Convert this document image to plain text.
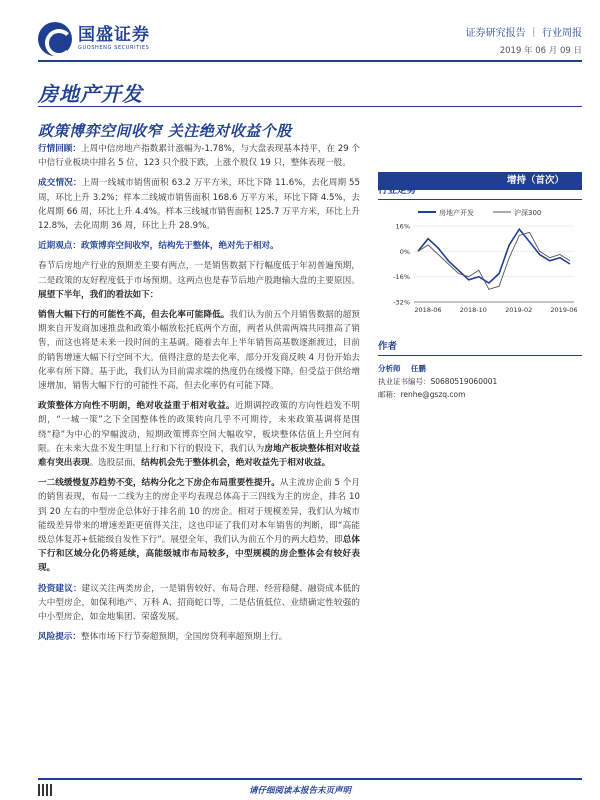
国盛证券
GUOSHENG SECURITIES
证券研究报告 ｜ 行业周报
2019 年 06 月 09 日
房地产开发
政策博弈空间收窄 关注绝对收益个股

行情回顾：上周中信房地产指数累计涨幅为-1.78%，与大盘表现基本持平，在 29 个中信行业板块中排名 5 位，123 只个股下跌，上涨个股仅 19 只，整体表现一般。

成交情况：上周一线城市销售面积 63.2 万平方米，环比下降 11.6%，去化周期 55 周，环比上升 3.2%；样本二线城市销售面积 168.6 万平方米，环比下降 4.5%，去化周期 66 周，环比上升 4.4%。样本三线城市销售面积 125.7 万平方米，环比上升 12.8%，去化周期 36 周，环比上升 28.9%。

近期观点：政策博弈空间收窄，结构先于整体，绝对先于相对。

春节后房地产行业的预期差主要有两点，一是销售数据下行幅度低于年初普遍预期，二是政策的友好程度低于市场预期。这两点也是春节后地产股跑输大盘的主要原因。展望下半年，我们的看法如下：

销售大幅下行的可能性不高，但去化率可能降低。我们认为前五个月销售数据的超预期来自开发商加速推盘和政策小幅放松托底两个方面，两者从供需两端共同推高了销售，而这也将是未来一段时间的主基调。随着去年上半年销售高基数逐渐渡过，目前的销售增速大幅下行空间不大。值得注意的是去化率，部分开发商反映 4 月份开始去化率有所下降。基于此，我们认为目前需求端的热度仍在缓慢下降，但受益于供给增速增加，销售大幅下行的可能性不高，但去化率仍有可能下降。

政策整体方向性不明朗，绝对收益重于相对收益。近期调控政策的方向性趋发不明朗，“一城一策”之下全国整体性的政策转向几乎不可期待，未来政策基调将是围绕“稳”为中心的窄幅波动，短期政策博弈空间大幅收窄，板块整体估值上升空间有限。在未来大盘不发生明显上行和下行的假设下，我们认为房地产板块整体相对收益难有突出表现。选股层面，结构机会先于整体机会，绝对收益先于相对收益。

一二线缓慢复苏趋势不变，结构分化之下房企布局重要性提升。从主流房企前 5 个月的销售表现，布局一二线为主的房企平均表现总体高于三四线为主的房企，排名 10 到 20 左右的中型房企总体好于排名前 10 的房企。相对于规模差异，我们认为城市能级差异带来的增速差距更值得关注，这也印证了我们对本年销售的判断，即“高能级总体复苏+低能级自发性下行”。展望全年，我们认为前五个月的两大趋势，即总体下行和区域分化仍将延续，高能级城市布局较多，中型规模的房企整体会有较好表现。

投资建议：建议关注两类房企，一是销售较好、布局合理、经营稳健、融资成本低的大中型房企，如保利地产、万科 A、招商蛇口等，二是估值低位、业绩确定性较强的中小型房企，如金地集团、荣盛发展。

风险提示：整体市场下行节奏超预期，全国房贷利率超预期上行。

增持（首次）
行业走势
房地产开发	沪深300
16%
0%
-16%
-32%
2018-06	2018-10	2019-02	2019-06
作者
分析师 任鹏
执业证书编号：S0680519060001
邮箱：renhe@gszq.com
请仔细阅读本报告末页声明
